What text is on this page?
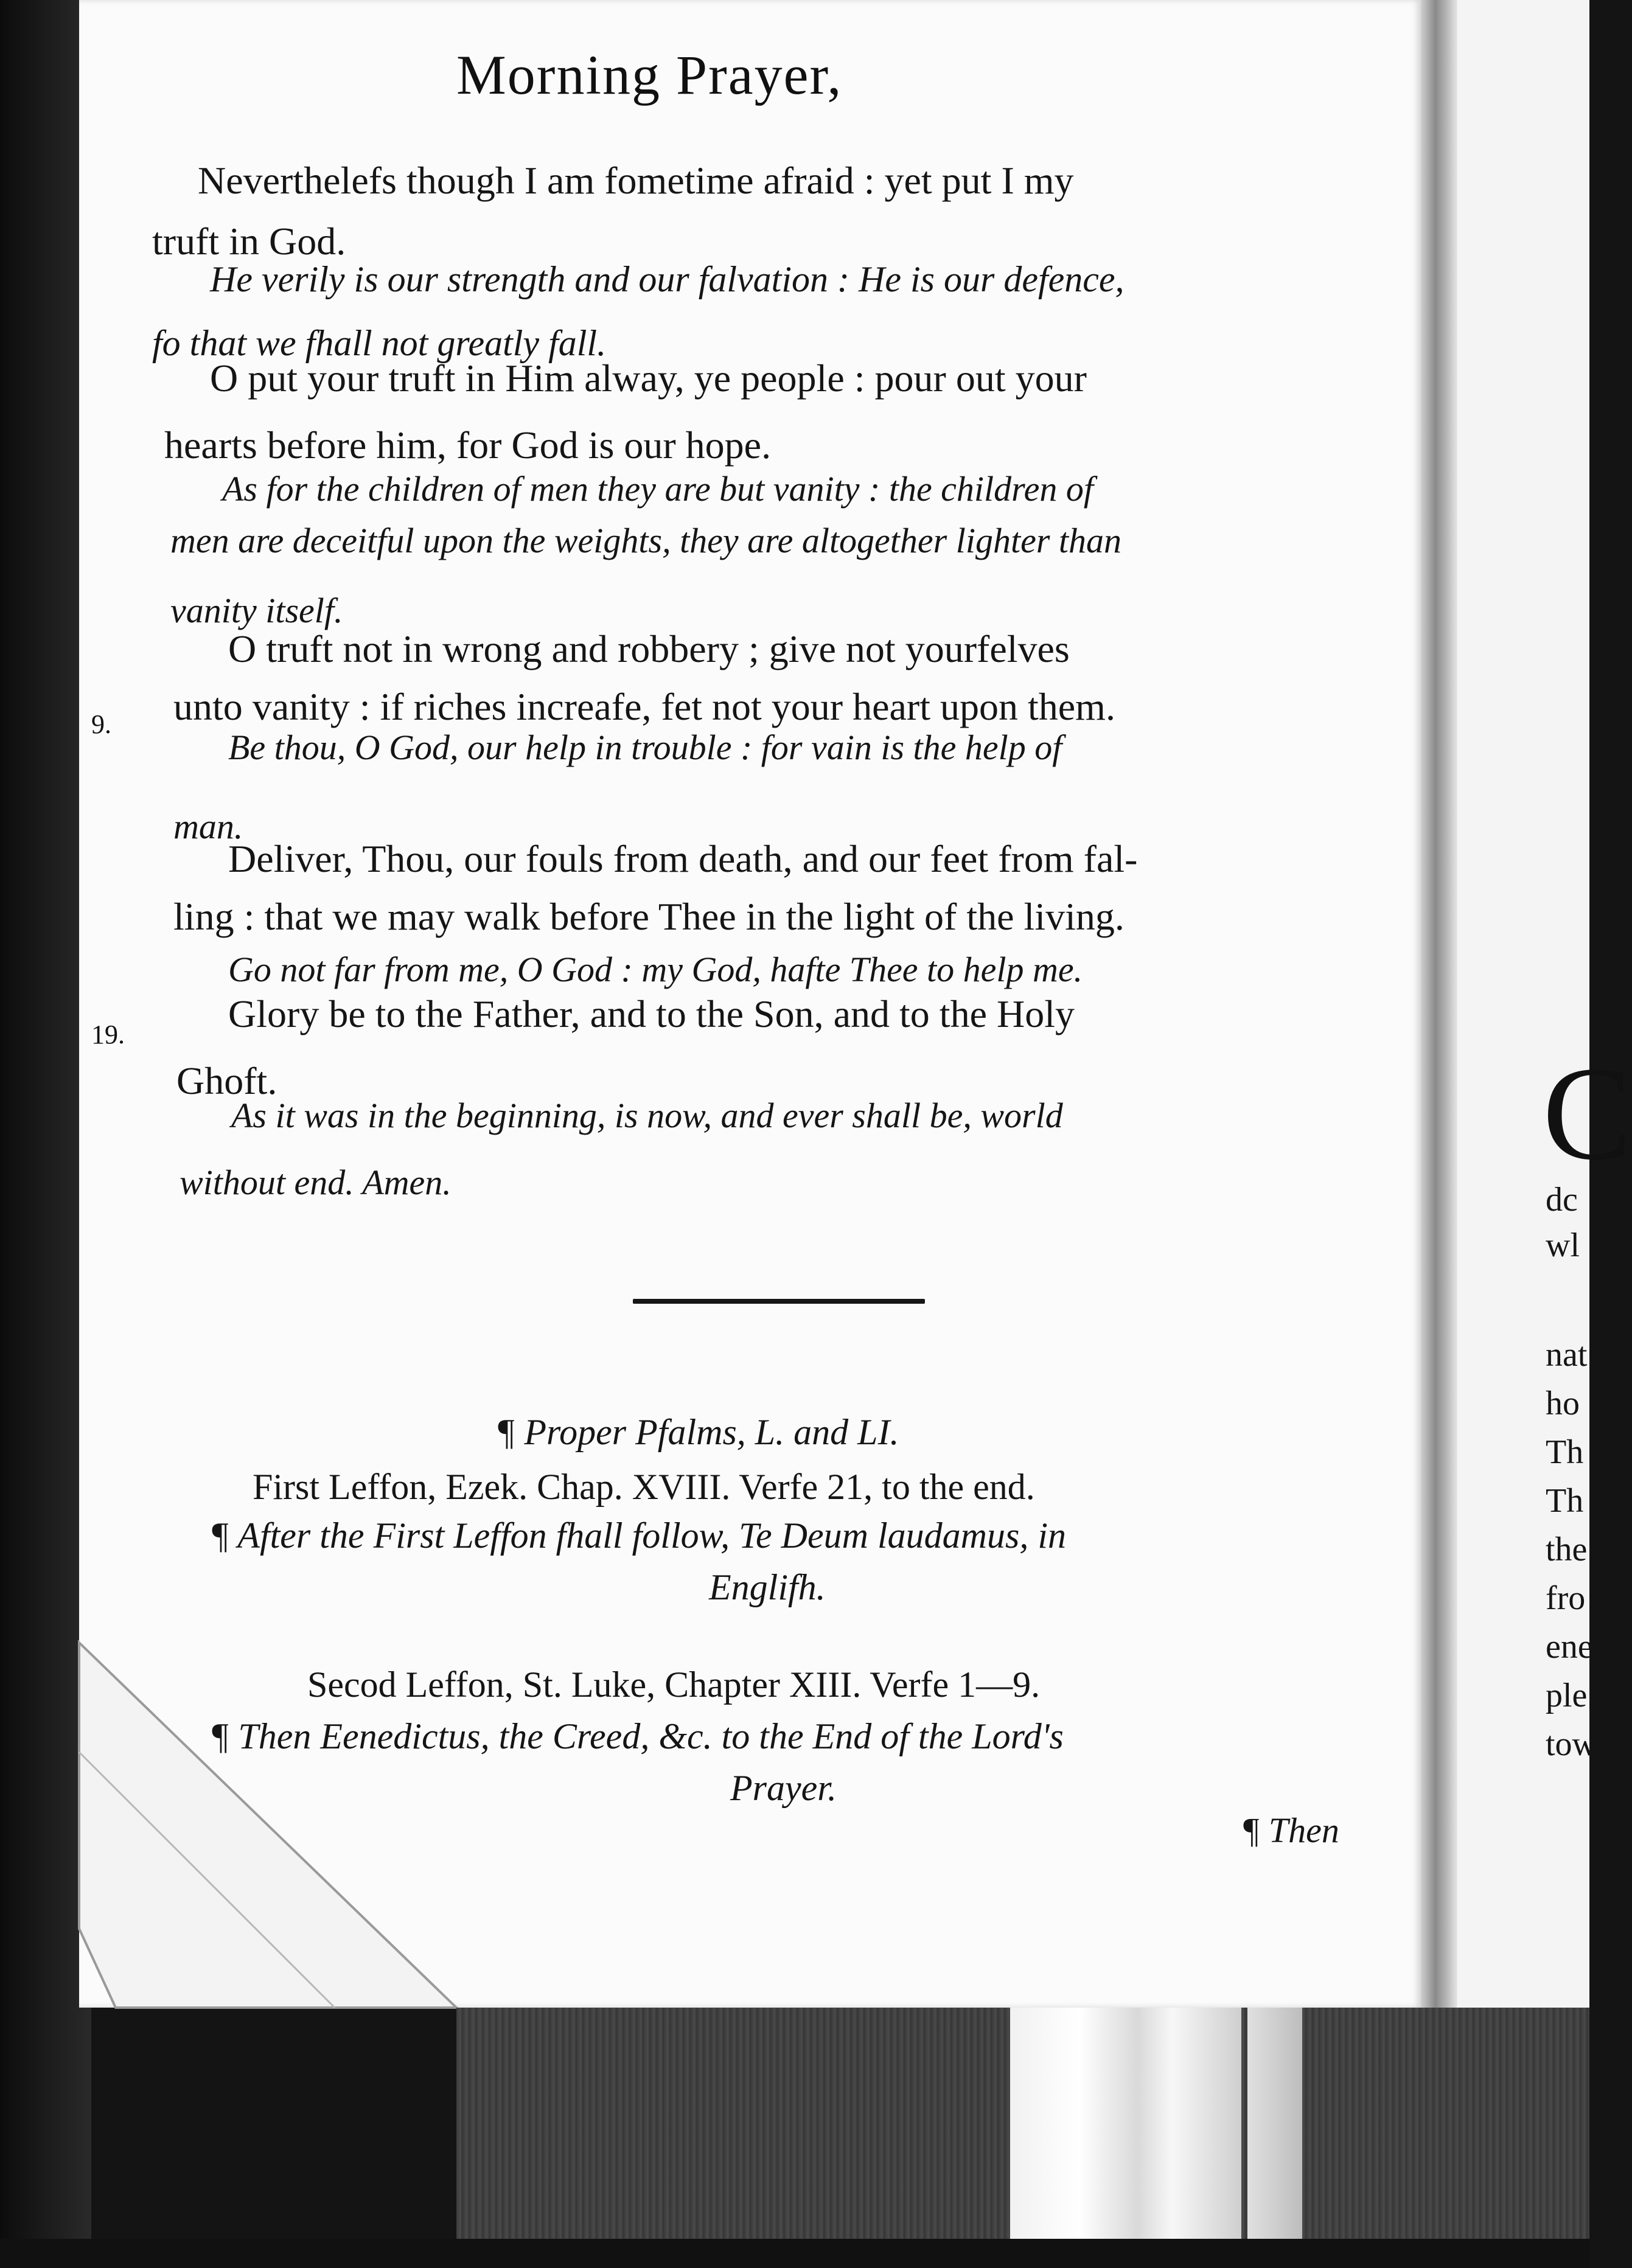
C
dc
wl
nat
ho
Th
Th
the
fro
ene
ple
tow
Morning Prayer,
Neverthelefs though I am fometime afraid : yet put I my
truft in God.
He verily is our strength and our falvation : He is our defence,
fo that we fhall not greatly fall.
O put your truft in Him alway, ye people : pour out your
hearts before him, for God is our hope.
As for the children of men they are but vanity : the children of
men are deceitful upon the weights, they are altogether lighter than
vanity itself.
O truft not in wrong and robbery ; give not yourfelves
unto vanity : if riches increafe, fet not your heart upon them.
Be thou, O God, our help in trouble : for vain is the help of
man.
Deliver, Thou, our fouls from death, and our feet from fal-
ling : that we may walk before Thee in the light of the living.
Go not far from me, O God : my God, hafte Thee to help me.
Glory be to the Father, and to the Son, and to the Holy
Ghoft.
As it was in the beginning, is now, and ever shall be, world
without end. Amen.
9.
19.
¶ Proper Pfalms, L. and LI.
First Leffon, Ezek. Chap. XVIII. Verfe 21, to the end.
¶ After the First Leffon fhall follow, Te Deum laudamus, in
Englifh.
Secod Leffon, St. Luke, Chapter XIII. Verfe 1—9.
¶ Then Eenedictus, the Creed, &c. to the End of the Lord's
Prayer.
¶ Then
